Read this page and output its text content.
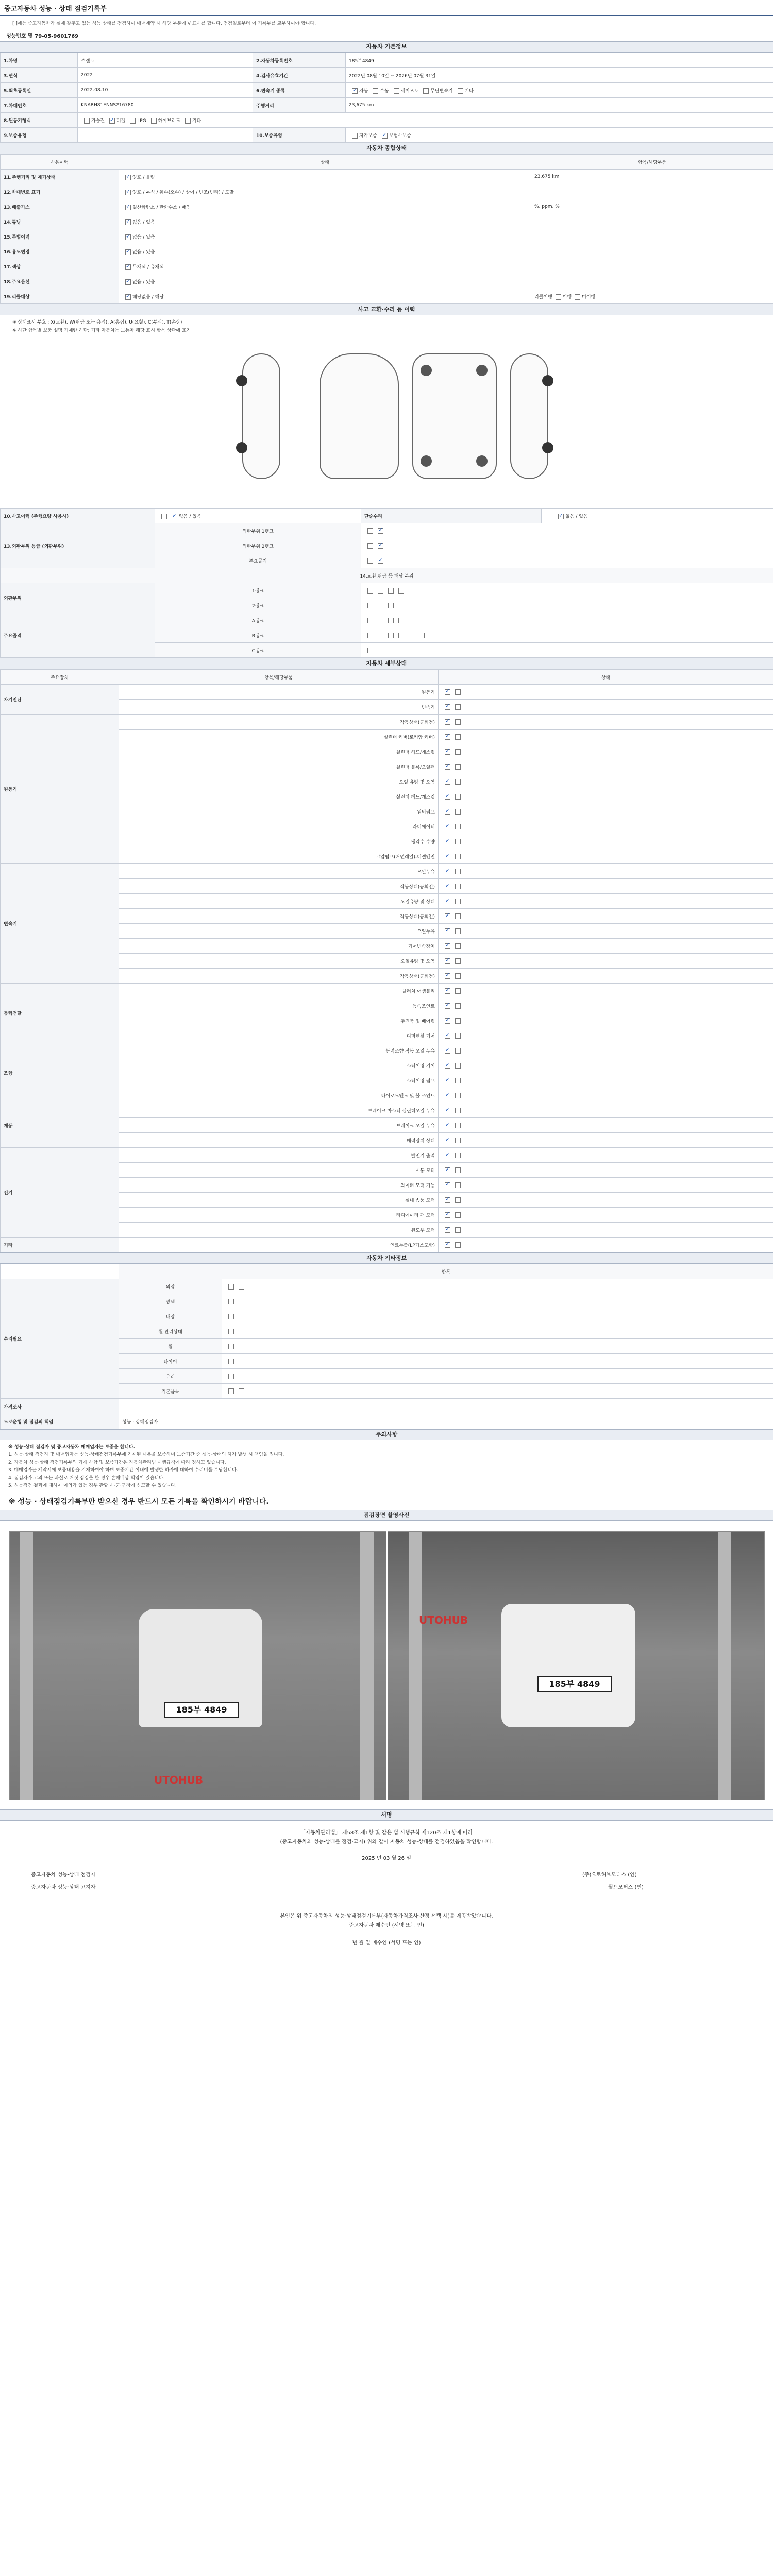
중고자동차 성능 · 상태 점검기록부
[ ]에는 중고자동차가 실제 갖추고 있는 성능·상태를 점검하여 매매계약 시 해당 부분에 V 표시를 합니다. 점검일로부터 이 기록부를 교부하여야 합니다.
성능번호 및 79-05-9601769
자동차 기본정보
1.차명	쏘렌토	2.자동차등록번호	185부4849
3.연식	2022	4.검사유효기간	2022년 08월 10일 ~ 2026년 07월 31일
5.최초등록일	2022-08-10	6.변속기 종류	✓자동 수동 세미오토 무단변속기 기타
7.차대번호	KNARH81ENNS216780	주행거리	23,675 km
8.원동기형식	가솔린 ✓ 디젤 LPG 하이브리드 기타
9.보증유형		10.보증유형	자가보증 ✓ 보험사보증
자동차 종합상태
사용이력	상태	항목/해당부품
11.주행거리 및 계기상태	✓양호 / 불량	23,675 km
12.차대번호 표기	✓양호 / 부식 / 훼손(오손) / 상이 / 변조(변타) / 도말	
13.배출가스	✓일산화탄소 / 탄화수소 / 매연	%, ppm, %
14.튜닝	✓없음 / 있음	
15.특별이력	✓없음 / 있음	
16.용도변경	✓없음 / 있음	
17.색상	✓무채색 / 유채색	
18.주요옵션	✓없음 / 있음	
19.리콜대상	✓해당없음 / 해당	리콜이행 이행 미이행
사고 교환·수리 등 이력
※ 상태표시 부호 : X(교환), W(판금 또는 용접), A(흠집), U(요철), C(부식), T(손상)
※ 하단 항목별 보충 설명 기재란 하단: 기타 자동차는 보통차 해당 표시 항목 상단에 표기
10.사고이력 (주행요량 사용시)	✓없음 / 있음	단순수리	✓없음 / 있음
13.외판부위 등급 (외판부위)	외판부위 1랭크	✓
	외판부위 2랭크	✓
	주요골격	✓
14.교환,판금 등 해당 부위			
외판부위	1랭크		
	2랭크		
주요골격	A랭크		
	B랭크		
	C랭크		
자동차 세부상태
주요장치	항목/해당부품	상태
자기진단	원동기	✓
	변속기	✓
원동기	작동상태(공회전)	✓
	실린더 커버(로커암 커버)	✓
	실린더 헤드/개스킷	✓
	실린더 블록/오일팬	✓
	오일 유량 및 오염	✓
	실린더 헤드/개스킷	✓
	워터펌프	✓
	라디에이터	✓
	냉각수 수량	✓
	고압펌프(커먼레일)-디젤엔진	✓
변속기	오일누유	✓
	작동상태(공회전)	✓
	오일유량 및 상태	✓
	작동상태(공회전)	✓
	오일누유	✓
	기어변속장치	✓
	오일유량 및 오염	✓
	작동상태(공회전)	✓
동력전달	클러치 어셈블리	✓
	등속조인트	✓
	추진축 및 베어링	✓
	디퍼렌셜 기어	✓
조향	동력조향 작동 오일 누유	✓
	스티어링 기어	✓
	스티어링 펌프	✓
	타이로드엔드 및 볼 조인트	✓
제동	브레이크 마스터 실린더오일 누유	✓
	브레이크 오일 누유	✓
	배력장치 상태	✓
전기	발전기 출력	✓
	시동 모터	✓
	와이퍼 모터 기능	✓
	실내 송풍 모터	✓
	라디에이터 팬 모터	✓
	윈도우 모터	✓
기타	연료누출(LP가스포함)	✓
자동차 기타정보
	항목	
수리필요	외장	
	광택	
	내장	
	휠 관리상태	
	휠	
	타이어	
	유리	
	기본품목	
가격조사	
도로운행 및 점검의 책임	성능 · 상태점검자
주의사항
※ 성능·상태 점검자 및 중고자동차 매매업자는 보증을 합니다.
1. 성능·상태 점검자 및 매매업자는 성능·상태점검기록부에 기재된 내용을 보증하며 보증기간 중 성능·상태의 하자 발생 시 책임을 집니다.
2. 자동차 성능·상태 점검기록부의 기재 사항 및 보증기간은 자동차관리법 시행규칙에 따라 정하고 있습니다.
3. 매매업자는 계약서에 보증내용을 기재하여야 하며 보증기간 이내에 발생한 하자에 대하여 수리비를 부담합니다.
4. 점검자가 고의 또는 과실로 거짓 점검을 한 경우 손해배상 책임이 있습니다.
5. 성능점검 결과에 대하여 이의가 있는 경우 관할 시·군·구청에 신고할 수 있습니다.
※ 성능 · 상태점검기록부만 받으신 경우 반드시 모든 기록을 확인하시기 바랍니다.
점검장면 촬영사진
185부 4849
UTOHUB
185부 4849
UTOHUB
서명
「자동차관리법」 제58조 제1항 및 같은 법 시행규칙 제120조 제1항에 따라
(중고자동차의 성능·상태를 점검·고지) 위와 같이 자동차 성능·상태를 점검하였음을 확인합니다.
2025 년 03 월 26 일
중고자동차 성능·상태 점검자	(주)오토허브모터스 (인)
중고자동차 성능·상태 고지자	월드모터스 (인)
본인은 위 중고자동차의 성능·상태점검기록부(자동차가격조사·산정 선택 시)를 제공받았습니다.
중고자동차 매수인 (서명 또는 인)
년 월 일 매수인 (서명 또는 인)
